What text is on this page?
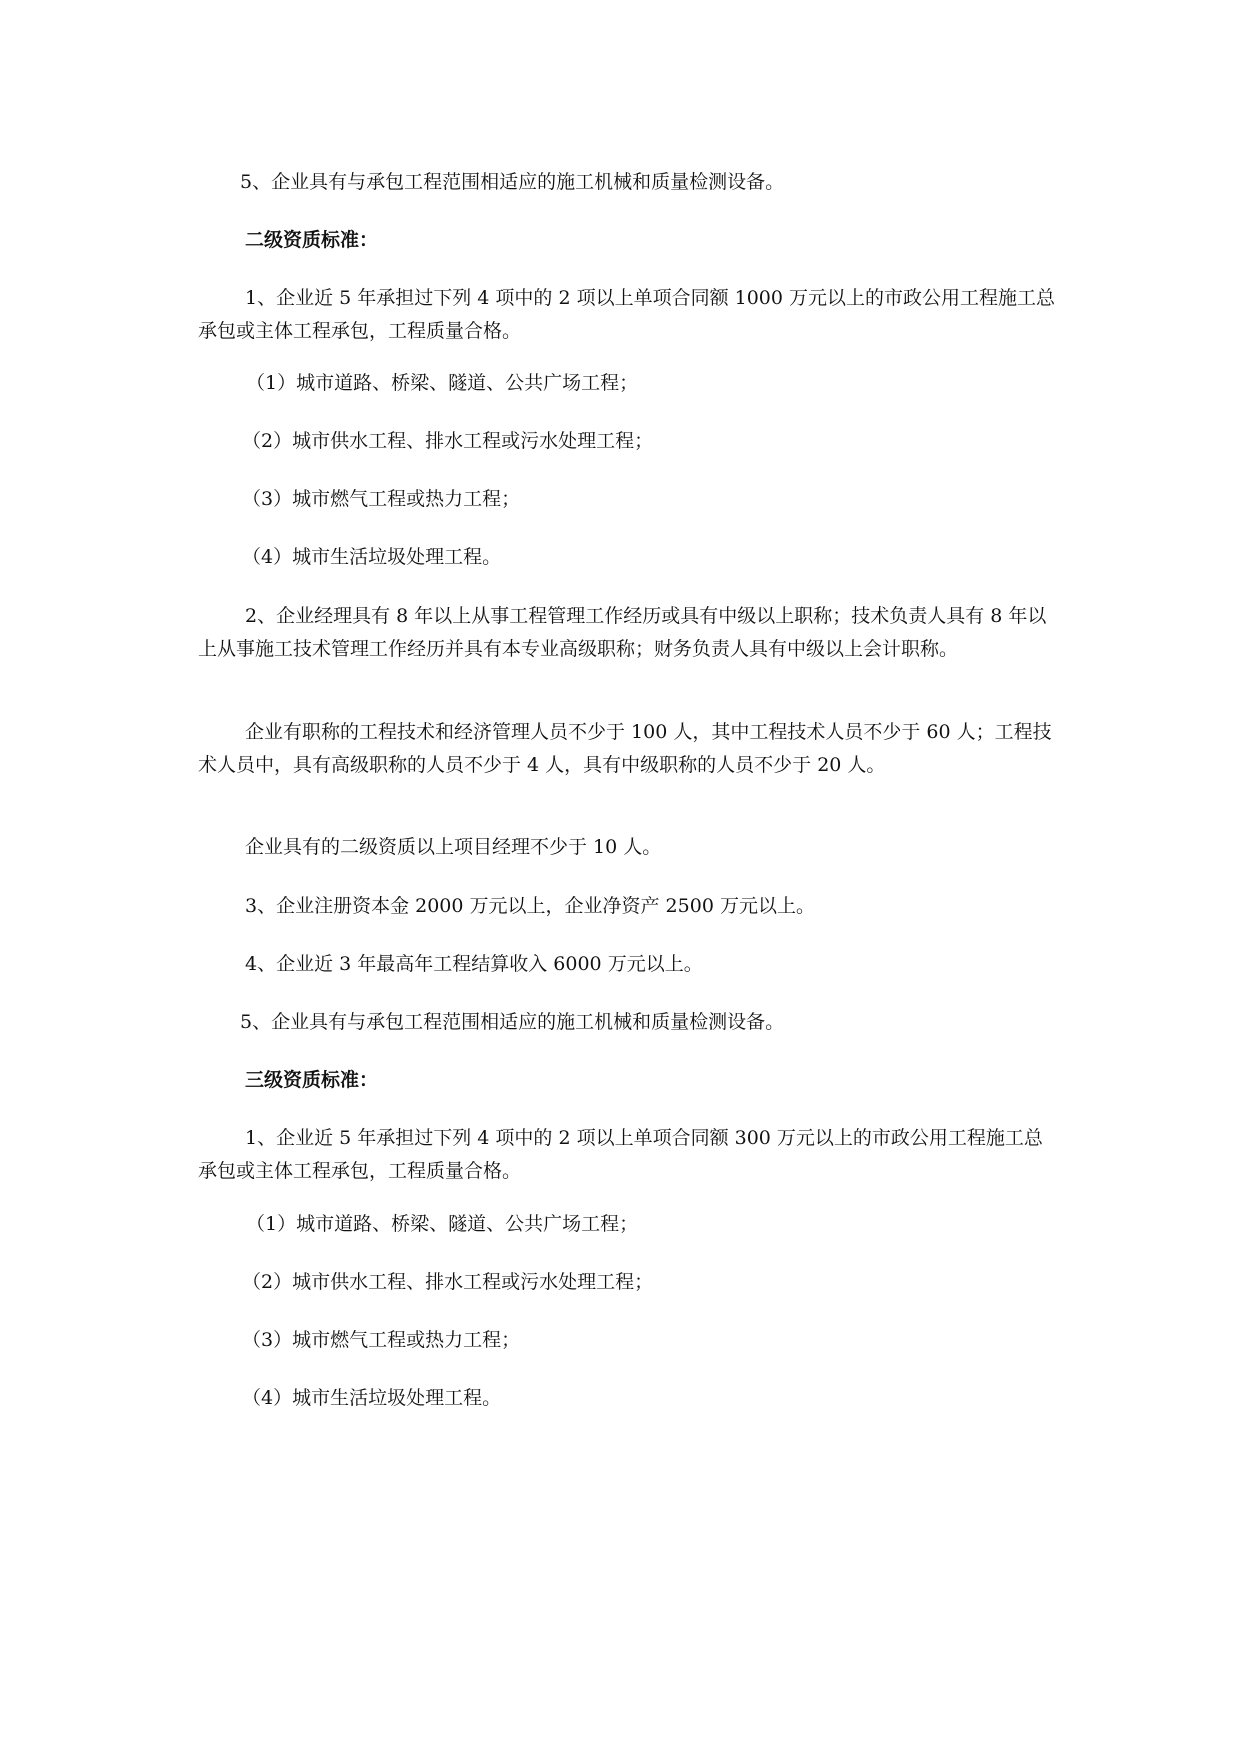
5、企业具有与承包工程范围相适应的施工机械和质量检测设备。

二级资质标准：

1、企业近 5 年承担过下列 4 项中的 2 项以上单项合同额 1000 万元以上的市政公用工程施工总承包或主体工程承包，工程质量合格。

（1）城市道路、桥梁、隧道、公共广场工程；

（2）城市供水工程、排水工程或污水处理工程；

（3）城市燃气工程或热力工程；

（4）城市生活垃圾处理工程。

2、企业经理具有 8 年以上从事工程管理工作经历或具有中级以上职称；技术负责人具有 8 年以上从事施工技术管理工作经历并具有本专业高级职称；财务负责人具有中级以上会计职称。

企业有职称的工程技术和经济管理人员不少于 100 人，其中工程技术人员不少于 60 人；工程技术人员中，具有高级职称的人员不少于 4 人，具有中级职称的人员不少于 20 人。

企业具有的二级资质以上项目经理不少于 10 人。

3、企业注册资本金 2000 万元以上，企业净资产 2500 万元以上。

4、企业近 3 年最高年工程结算收入 6000 万元以上。

5、企业具有与承包工程范围相适应的施工机械和质量检测设备。

三级资质标准：

1、企业近 5 年承担过下列 4 项中的 2 项以上单项合同额 300 万元以上的市政公用工程施工总承包或主体工程承包，工程质量合格。

（1）城市道路、桥梁、隧道、公共广场工程；

（2）城市供水工程、排水工程或污水处理工程；

（3）城市燃气工程或热力工程；

（4）城市生活垃圾处理工程。
